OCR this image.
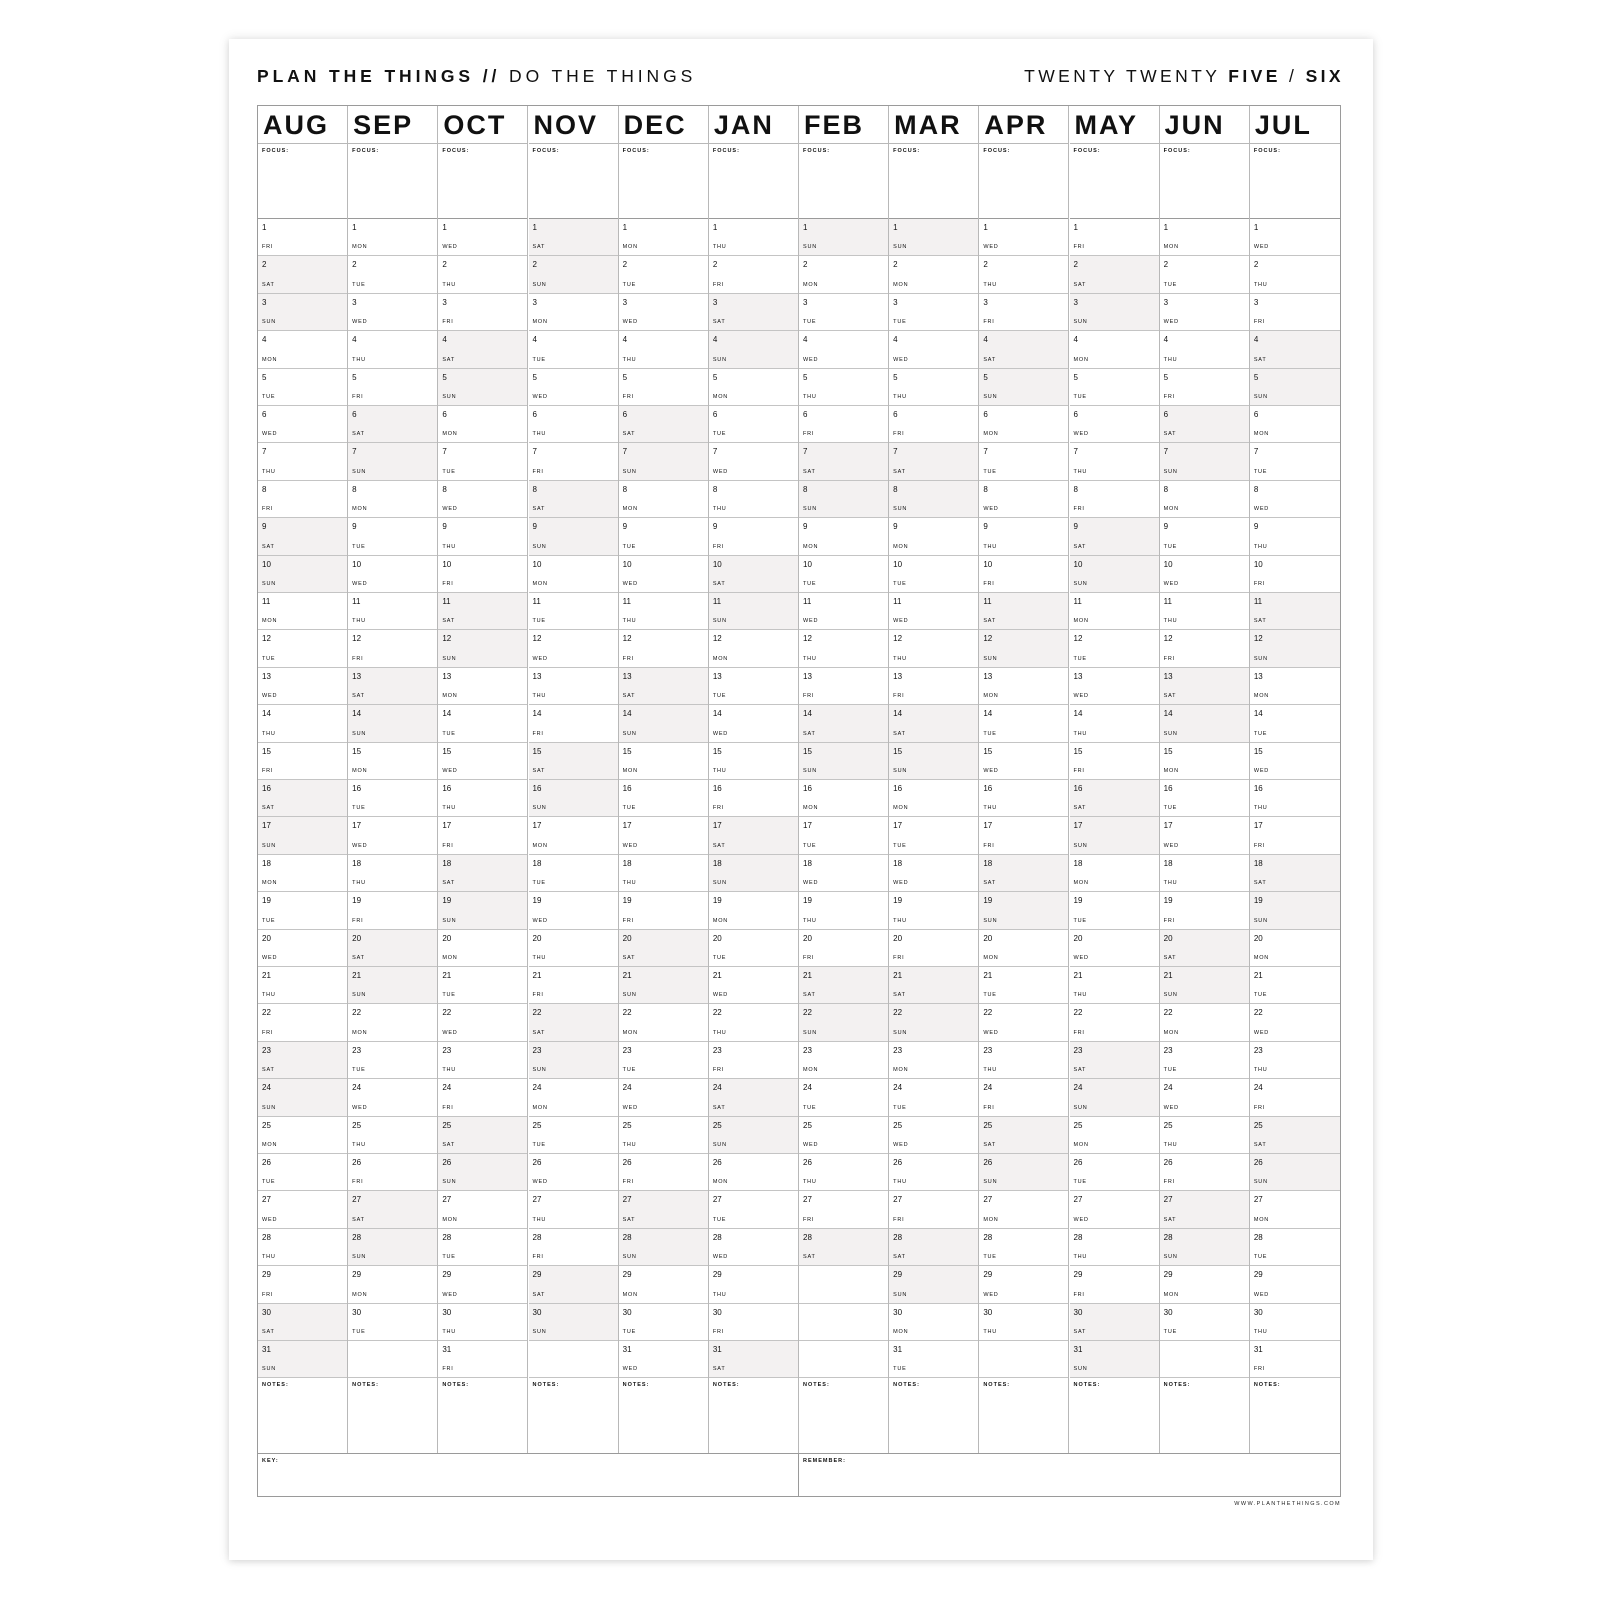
PLAN THE THINGS // DO THE THINGS	TWENTY TWENTY FIVE / SIX
AUG
FOCUS:
1
FRI
2
SAT
3
SUN
4
MON
5
TUE
6
WED
7
THU
8
FRI
9
SAT
10
SUN
11
MON
12
TUE
13
WED
14
THU
15
FRI
16
SAT
17
SUN
18
MON
19
TUE
20
WED
21
THU
22
FRI
23
SAT
24
SUN
25
MON
26
TUE
27
WED
28
THU
29
FRI
30
SAT
31
SUN
NOTES:
SEP
FOCUS:
1
MON
2
TUE
3
WED
4
THU
5
FRI
6
SAT
7
SUN
8
MON
9
TUE
10
WED
11
THU
12
FRI
13
SAT
14
SUN
15
MON
16
TUE
17
WED
18
THU
19
FRI
20
SAT
21
SUN
22
MON
23
TUE
24
WED
25
THU
26
FRI
27
SAT
28
SUN
29
MON
30
TUE
NOTES:
OCT
FOCUS:
1
WED
2
THU
3
FRI
4
SAT
5
SUN
6
MON
7
TUE
8
WED
9
THU
10
FRI
11
SAT
12
SUN
13
MON
14
TUE
15
WED
16
THU
17
FRI
18
SAT
19
SUN
20
MON
21
TUE
22
WED
23
THU
24
FRI
25
SAT
26
SUN
27
MON
28
TUE
29
WED
30
THU
31
FRI
NOTES:
NOV
FOCUS:
1
SAT
2
SUN
3
MON
4
TUE
5
WED
6
THU
7
FRI
8
SAT
9
SUN
10
MON
11
TUE
12
WED
13
THU
14
FRI
15
SAT
16
SUN
17
MON
18
TUE
19
WED
20
THU
21
FRI
22
SAT
23
SUN
24
MON
25
TUE
26
WED
27
THU
28
FRI
29
SAT
30
SUN
NOTES:
DEC
FOCUS:
1
MON
2
TUE
3
WED
4
THU
5
FRI
6
SAT
7
SUN
8
MON
9
TUE
10
WED
11
THU
12
FRI
13
SAT
14
SUN
15
MON
16
TUE
17
WED
18
THU
19
FRI
20
SAT
21
SUN
22
MON
23
TUE
24
WED
25
THU
26
FRI
27
SAT
28
SUN
29
MON
30
TUE
31
WED
NOTES:
JAN
FOCUS:
1
THU
2
FRI
3
SAT
4
SUN
5
MON
6
TUE
7
WED
8
THU
9
FRI
10
SAT
11
SUN
12
MON
13
TUE
14
WED
15
THU
16
FRI
17
SAT
18
SUN
19
MON
20
TUE
21
WED
22
THU
23
FRI
24
SAT
25
SUN
26
MON
27
TUE
28
WED
29
THU
30
FRI
31
SAT
NOTES:
FEB
FOCUS:
1
SUN
2
MON
3
TUE
4
WED
5
THU
6
FRI
7
SAT
8
SUN
9
MON
10
TUE
11
WED
12
THU
13
FRI
14
SAT
15
SUN
16
MON
17
TUE
18
WED
19
THU
20
FRI
21
SAT
22
SUN
23
MON
24
TUE
25
WED
26
THU
27
FRI
28
SAT
NOTES:
MAR
FOCUS:
1
SUN
2
MON
3
TUE
4
WED
5
THU
6
FRI
7
SAT
8
SUN
9
MON
10
TUE
11
WED
12
THU
13
FRI
14
SAT
15
SUN
16
MON
17
TUE
18
WED
19
THU
20
FRI
21
SAT
22
SUN
23
MON
24
TUE
25
WED
26
THU
27
FRI
28
SAT
29
SUN
30
MON
31
TUE
NOTES:
APR
FOCUS:
1
WED
2
THU
3
FRI
4
SAT
5
SUN
6
MON
7
TUE
8
WED
9
THU
10
FRI
11
SAT
12
SUN
13
MON
14
TUE
15
WED
16
THU
17
FRI
18
SAT
19
SUN
20
MON
21
TUE
22
WED
23
THU
24
FRI
25
SAT
26
SUN
27
MON
28
TUE
29
WED
30
THU
NOTES:
MAY
FOCUS:
1
FRI
2
SAT
3
SUN
4
MON
5
TUE
6
WED
7
THU
8
FRI
9
SAT
10
SUN
11
MON
12
TUE
13
WED
14
THU
15
FRI
16
SAT
17
SUN
18
MON
19
TUE
20
WED
21
THU
22
FRI
23
SAT
24
SUN
25
MON
26
TUE
27
WED
28
THU
29
FRI
30
SAT
31
SUN
NOTES:
JUN
FOCUS:
1
MON
2
TUE
3
WED
4
THU
5
FRI
6
SAT
7
SUN
8
MON
9
TUE
10
WED
11
THU
12
FRI
13
SAT
14
SUN
15
MON
16
TUE
17
WED
18
THU
19
FRI
20
SAT
21
SUN
22
MON
23
TUE
24
WED
25
THU
26
FRI
27
SAT
28
SUN
29
MON
30
TUE
NOTES:
JUL
FOCUS:
1
WED
2
THU
3
FRI
4
SAT
5
SUN
6
MON
7
TUE
8
WED
9
THU
10
FRI
11
SAT
12
SUN
13
MON
14
TUE
15
WED
16
THU
17
FRI
18
SAT
19
SUN
20
MON
21
TUE
22
WED
23
THU
24
FRI
25
SAT
26
SUN
27
MON
28
TUE
29
WED
30
THU
31
FRI
NOTES:
KEY:	REMEMBER:
WWW.PLANTHETHINGS.COM
